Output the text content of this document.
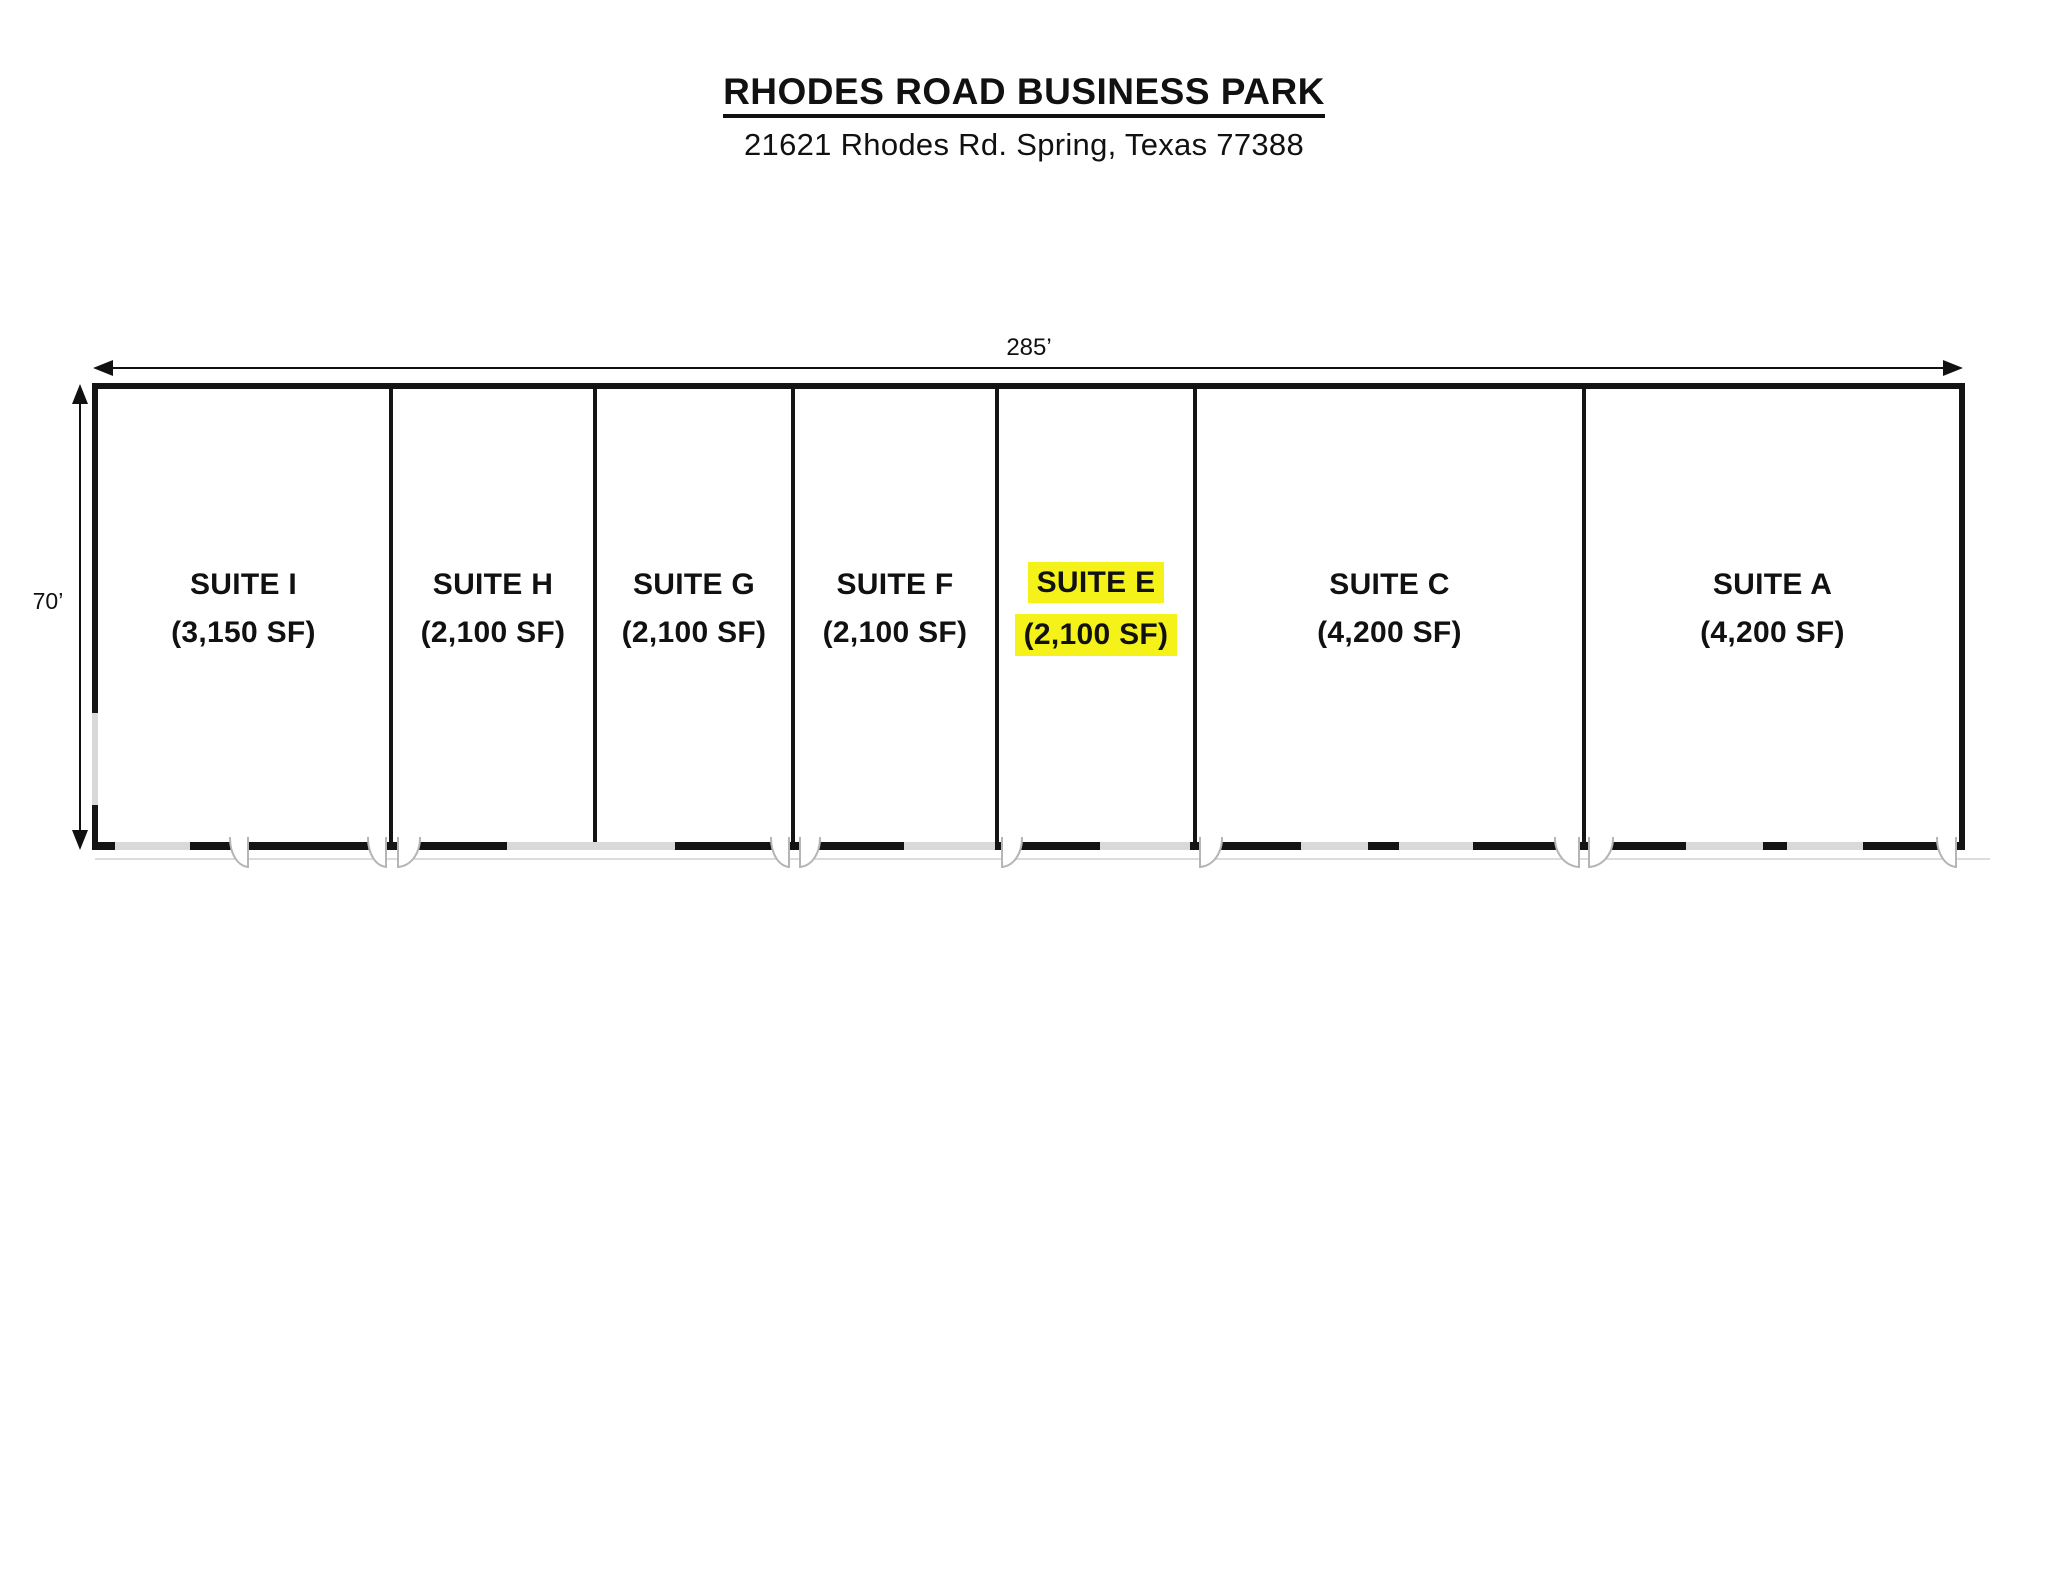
RHODES ROAD BUSINESS PARK
21621 Rhodes Rd. Spring, Texas 77388
285’
70’
SUITE I
(3,150 SF)
SUITE H
(2,100 SF)
SUITE G
(2,100 SF)
SUITE F
(2,100 SF)
SUITE E
(2,100 SF)
SUITE C
(4,200 SF)
SUITE A
(4,200 SF)
